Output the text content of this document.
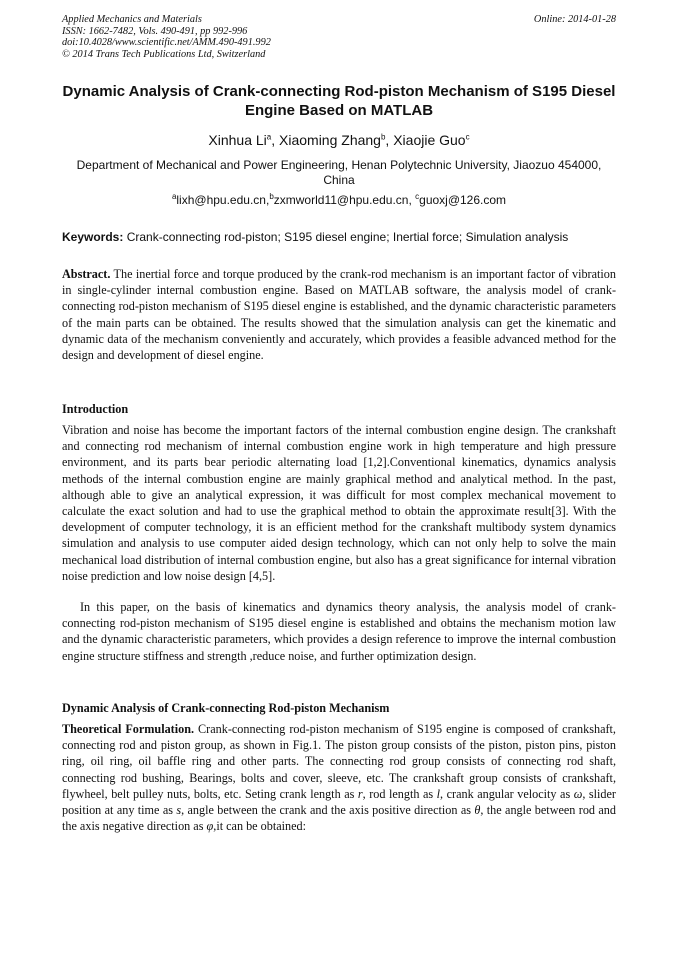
Applied Mechanics and Materials
ISSN: 1662-7482, Vols. 490-491, pp 992-996
doi:10.4028/www.scientific.net/AMM.490-491.992
© 2014 Trans Tech Publications Ltd, Switzerland
Online: 2014-01-28
Dynamic Analysis of Crank-connecting Rod-piston Mechanism of S195 Diesel Engine Based on MATLAB
Xinhua Li$^a$, Xiaoming Zhang$^b$, Xiaojie Guo$^c$
Department of Mechanical and Power Engineering, Henan Polytechnic University, Jiaozuo 454000, China
$^a$lixh@hpu.edu.cn,$^b$zxmworld11@hpu.edu.cn, $^c$guoxj@126.com
Keywords: Crank-connecting rod-piston; S195 diesel engine; Inertial force; Simulation analysis
Abstract. The inertial force and torque produced by the crank-rod mechanism is an important factor of vibration in single-cylinder internal combustion engine. Based on MATLAB software, the analysis model of crank-connecting rod-piston mechanism of S195 diesel engine is established, and the dynamic characteristic parameters of the main parts can be obtained. The results showed that the simulation analysis can get the kinematic and dynamic data of the mechanism conveniently and accurately, which provides a feasible advanced method for the design and development of diesel engine.
Introduction
Vibration and noise has become the important factors of the internal combustion engine design. The crankshaft and connecting rod mechanism of internal combustion engine work in high temperature and high pressure environment, and its parts bear periodic alternating load [1,2].Conventional kinematics, dynamics analysis methods of the internal combustion engine are mainly graphical method and analytical method. In the past, although able to give an analytical expression, it was difficult for most complex mechanical movement to calculate the exact solution and had to use the graphical method to obtain the approximate result[3]. With the development of computer technology, it is an efficient method for the crankshaft multibody system dynamics simulation and analysis to use computer aided design technology, which can not only help to solve the main mechanical load distribution of internal combustion engine, but also has a great significance for internal vibration noise prediction and low noise design [4,5].
In this paper, on the basis of kinematics and dynamics theory analysis, the analysis model of crank-connecting rod-piston mechanism of S195 diesel engine is established and obtains the mechanism motion law and the dynamic characteristic parameters, which provides a design reference to improve the internal combustion engine structure stiffness and strength ,reduce noise, and further optimization design.
Dynamic Analysis of Crank-connecting Rod-piston Mechanism
Theoretical Formulation. Crank-connecting rod-piston mechanism of S195 engine is composed of crankshaft, connecting rod and piston group, as shown in Fig.1. The piston group consists of the piston, piston pins, piston ring, oil ring, oil baffle ring and other parts. The connecting rod group consists of connecting rod shaft, connecting rod bushing, Bearings, bolts and cover, sleeve, etc. The crankshaft group consists of crankshaft, flywheel, belt pulley nuts, bolts, etc. Seting crank length as r, rod length as l, crank angular velocity as ω, slider position at any time as s, angle between the crank and the axis positive direction as θ, the angle between rod and the axis negative direction as φ,it can be obtained:
